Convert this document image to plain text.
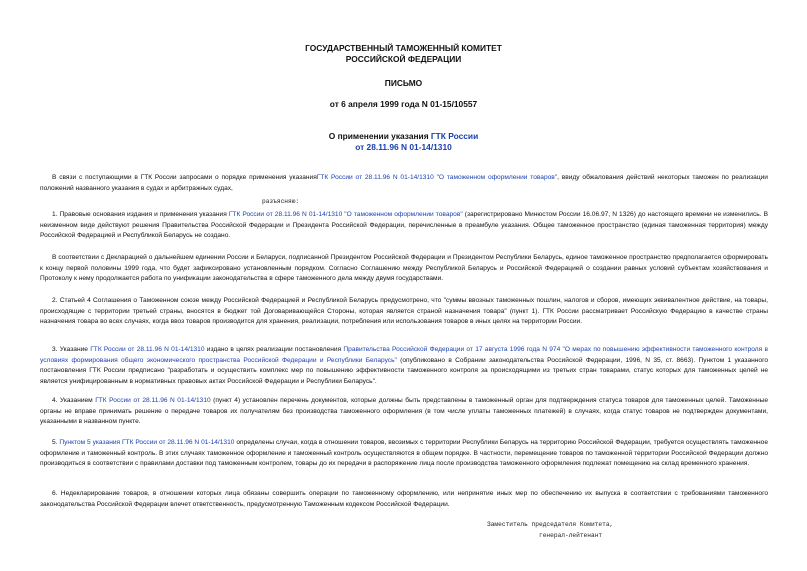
ГОСУДАРСТВЕННЫЙ ТАМОЖЕННЫЙ КОМИТЕТ
РОССИЙСКОЙ ФЕДЕРАЦИИ
ПИСЬМО
от 6 апреля 1999 года N 01-15/10557
О применении указания ГТК России
от 28.11.96 N 01-14/1310
В связи с поступающими в ГТК России запросами о порядке применения указанияГТК России от 28.11.96 N 01-14/1310 "О таможенном оформлении товаров", ввиду обжалования действий некоторых таможен по реализации положений названного указания в судах и арбитражных судах,
разъясняю:
1. Правовые основания издания и применения указания ГТК России от 28.11.96 N 01-14/1310 "О таможенном оформлении товаров" (зарегистрировано Минюстом России 16.06.97, N 1326) до настоящего времени не изменились. В неизменном виде действуют решения Правительства Российской Федерации и Президента Российской Федерации, перечисленные в преамбуле указания. Общее таможенное пространство (единая таможенная территория) между Российской Федерацией и Республикой Беларусь не создано.
В соответствии с Декларацией о дальнейшем единении России и Беларуси, подписанной Президентом Российской Федерации и Президентом Республики Беларусь, единое таможенное пространство предполагается сформировать к концу первой половины 1999 года, что будет зафиксировано установленным порядком. Согласно Соглашению между Республикой Беларусь и Российской Федерацией о создании равных условий субъектам хозяйствования и Протоколу к нему продолжается работа по унификации законодательства в сфере таможенного дела между двумя государствами.
2. Статьей 4 Соглашения о Таможенном союзе между Российской Федерацией и Республикой Беларусь предусмотрено, что "суммы ввозных таможенных пошлин, налогов и сборов, имеющих эквивалентное действие, на товары, происходящие с территории третьей страны, вносятся в бюджет той Договаривающейся Стороны, которая является страной назначения товара" (пункт 1). ГТК России рассматривает Российскую Федерацию в качестве страны назначения товара во всех случаях, когда ввоз товаров производится для хранения, реализации, потребления или использования товаров в иных целях на территории России.
3. Указание ГТК России от 28.11.96 N 01-14/1310 издано в целях реализации постановления Правительства Российской Федерации от 17 августа 1996 года N 974 "О мерах по повышению эффективности таможенного контроля в условиях формирования общего экономического пространства Российской Федерации и Республики Беларусь" (опубликовано в Собрании законодательства Российской Федерации, 1996, N 35, ст. 8663). Пунктом 1 указанного постановления ГТК России предписано "разработать и осуществить комплекс мер по повышению эффективности таможенного контроля за происходящими из третьих стран товарами, статус которых для таможенных целей не является унифицированным в нормативных правовых актах Российской Федерации и Республики Беларусь".
4. Указанием ГТК России от 28.11.96 N 01-14/1310 (пункт 4) установлен перечень документов, которые должны быть представлены в таможенный орган для подтверждения статуса товаров для таможенных целей. Таможенные органы не вправе принимать решение о передаче товаров их получателям без производства таможенного оформления (в том числе уплаты таможенных платежей) в случаях, когда статус товаров не подтвержден документами, указанными в названном пункте.
5. Пунктом 5 указания ГТК России от 28.11.96 N 01-14/1310 определены случаи, когда в отношении товаров, ввозимых с территории Республики Беларусь на территорию Российской Федерации, требуется осуществлять таможенное оформление и таможенный контроль. В этих случаях таможенное оформление и таможенный контроль осуществляются в общем порядке. В частности, перемещение товаров по таможенной территории Российской Федерации должно производиться в соответствии с правилами доставки под таможенным контролем, товары до их передачи в распоряжение лица после производства таможенного оформления подлежат помещению на склад временного хранения.
6. Недекларирование товаров, в отношении которых лица обязаны совершить операции по таможенному оформлению, или непринятие иных мер по обеспечению их выпуска в соответствии с требованиями таможенного законодательства Российской Федерации влечет ответственность, предусмотренную Таможенным кодексом Российской Федерации.
Заместитель председателя Комитета,
генерал-лейтенант
